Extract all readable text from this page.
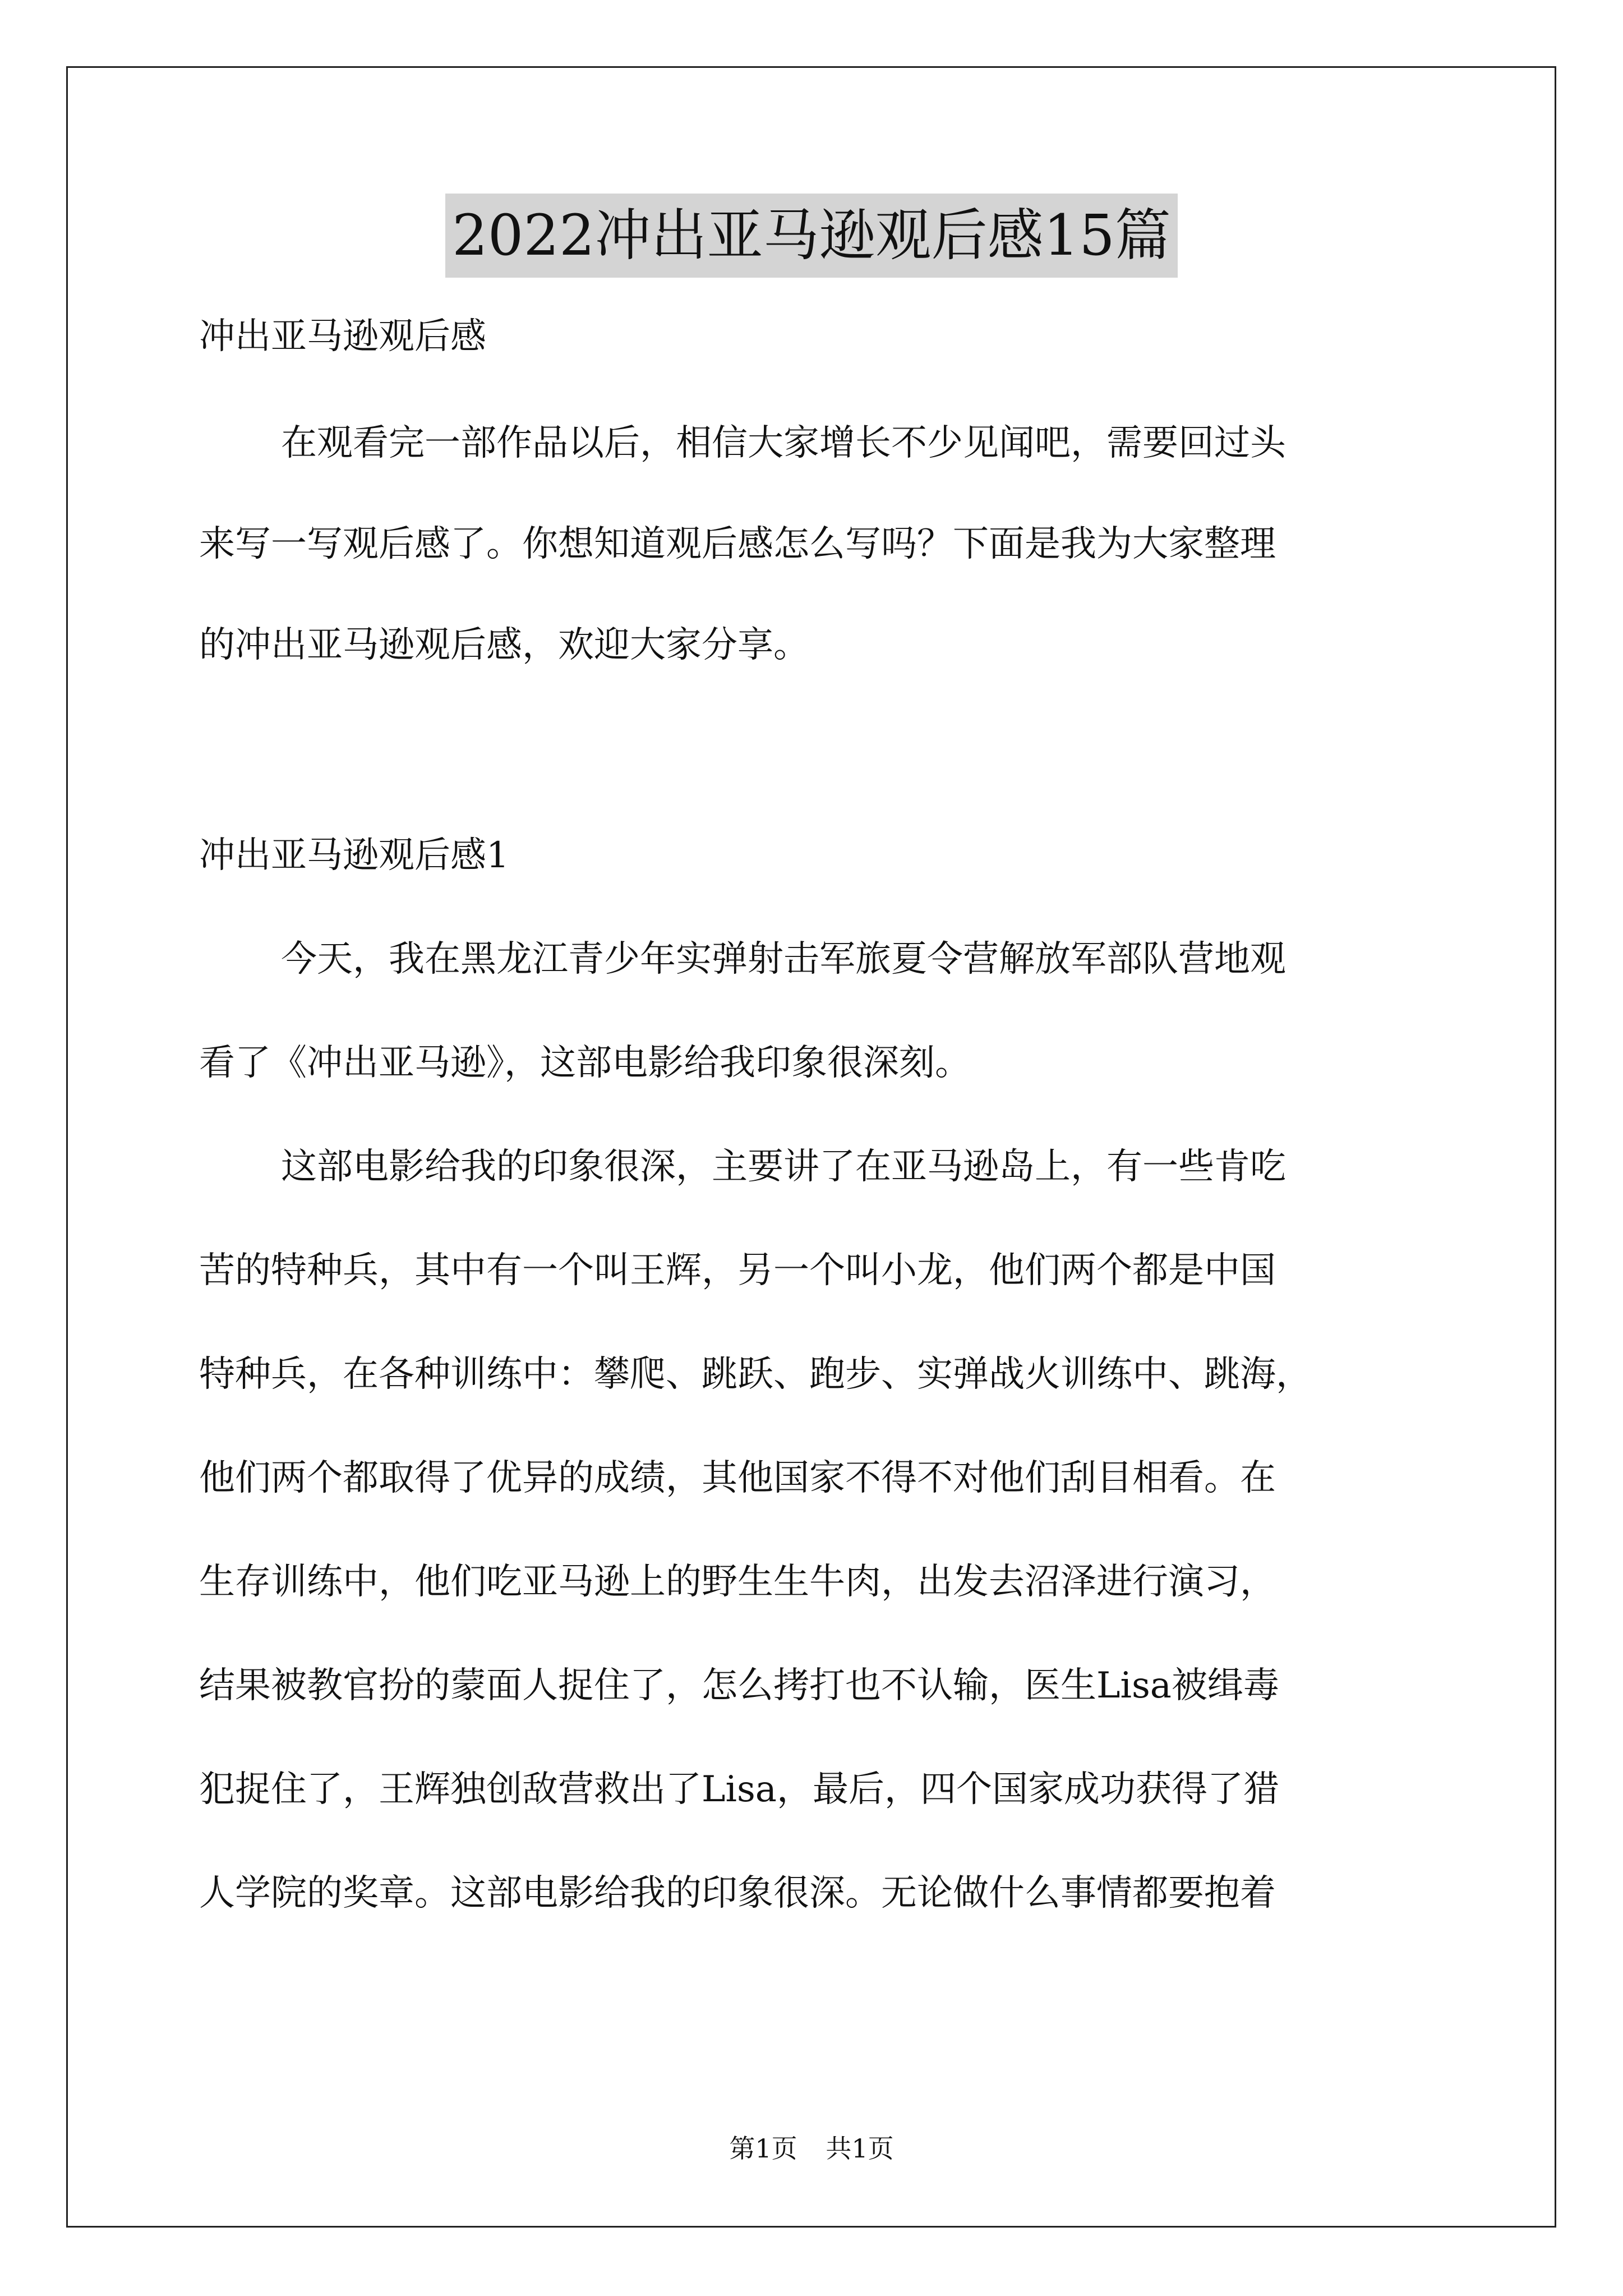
2022冲出亚马逊观后感15篇
冲出亚马逊观后感
在观看完一部作品以后，相信大家增长不少见闻吧，需要回过头
来写一写观后感了。你想知道观后感怎么写吗？下面是我为大家整理
的冲出亚马逊观后感，欢迎大家分享。
冲出亚马逊观后感1
今天，我在黑龙江青少年实弹射击军旅夏令营解放军部队营地观
看了《冲出亚马逊》，这部电影给我印象很深刻。
这部电影给我的印象很深，主要讲了在亚马逊岛上，有一些肯吃
苦的特种兵，其中有一个叫王辉，另一个叫小龙，他们两个都是中国
特种兵，在各种训练中：攀爬、跳跃、跑步、实弹战火训练中、跳海，
他们两个都取得了优异的成绩，其他国家不得不对他们刮目相看。在
生存训练中，他们吃亚马逊上的野生生牛肉，出发去沼泽进行演习，
结果被教官扮的蒙面人捉住了，怎么拷打也不认输，医生Lisa被缉毒
犯捉住了，王辉独创敌营救出了Lisa，最后，四个国家成功获得了猎
人学院的奖章。这部电影给我的印象很深。无论做什么事情都要抱着
第1页 共1页
